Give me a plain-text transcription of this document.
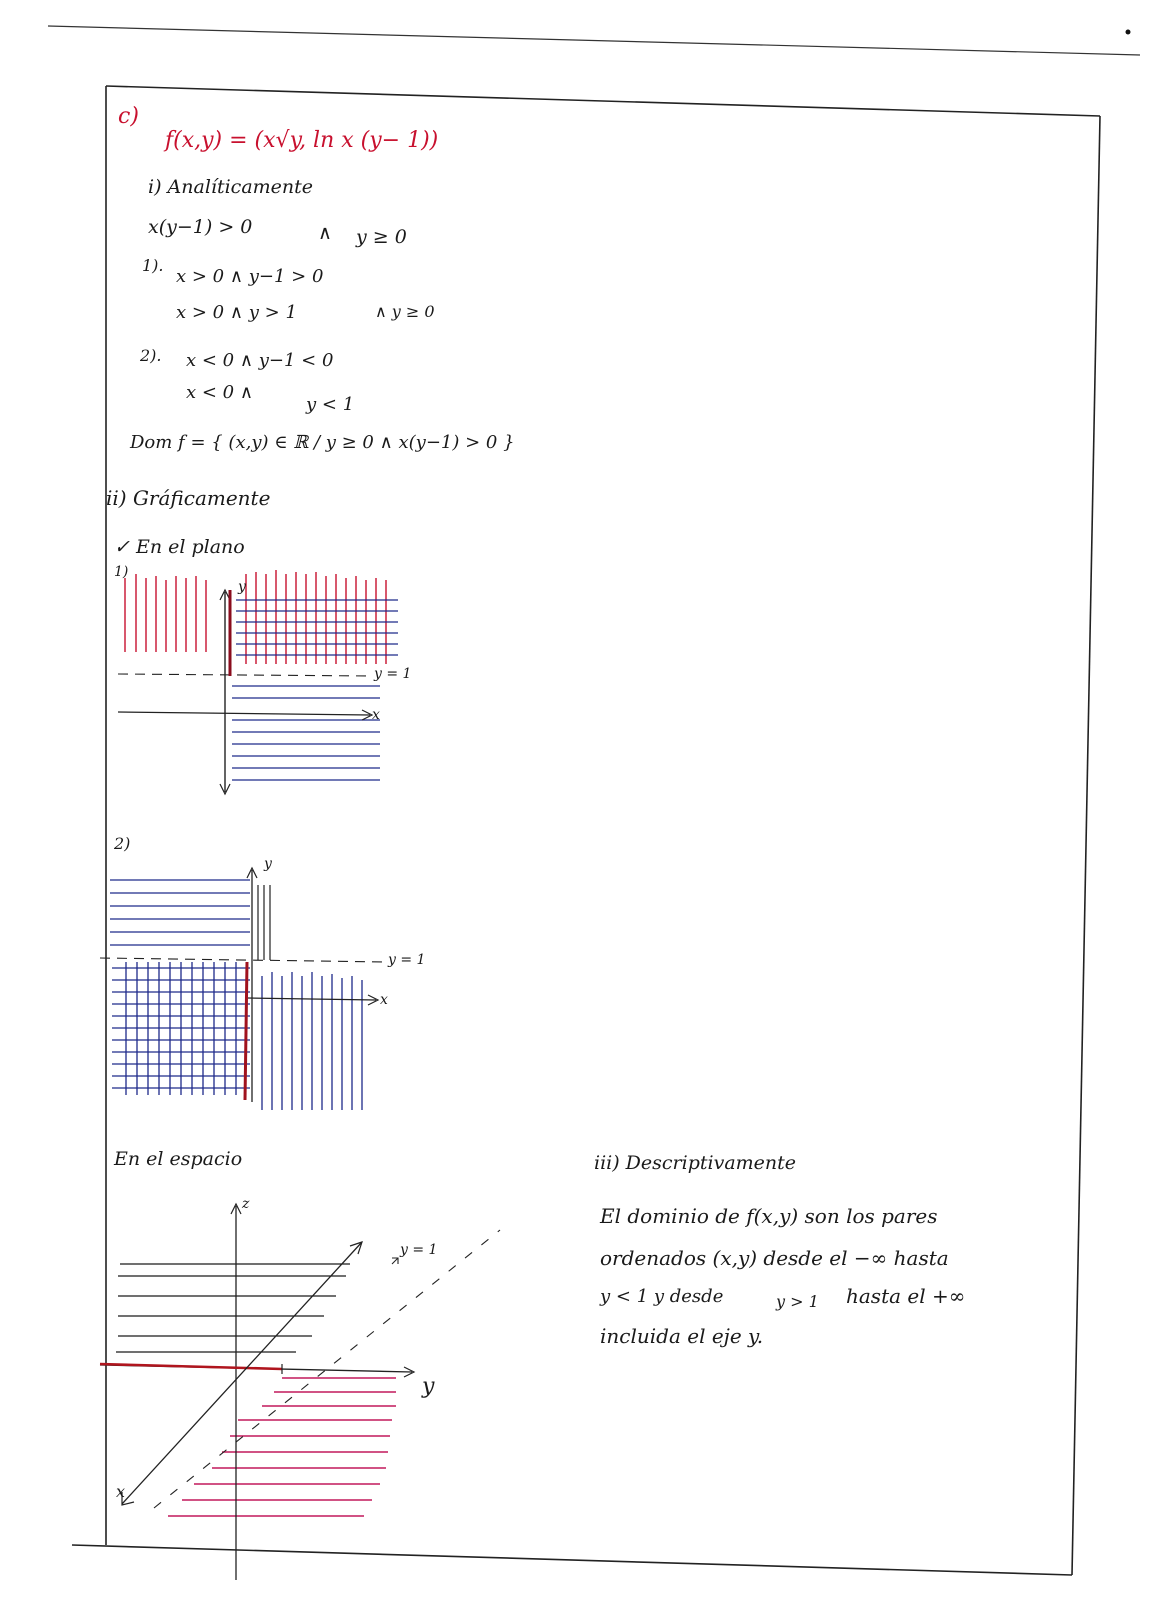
c)
f(x,y) = (x√y, ln x (y− 1))
i) Analíticamente
x(y−1) > 0	∧ y ≥ 0
1).
x > 0 ∧ y−1 > 0
x > 0 ∧ y > 1	∧ y ≥ 0
2). x < 0 ∧ y−1 < 0
x < 0 ∧
y < 1
Dom f = { (x,y) ∈ ℝ / y ≥ 0 ∧ x(y−1) > 0 }
ii) Gráficamente
✓ En el plano
1)
y
x
y = 1
2)
y
x
y = 1
En el espacio
z
y
x
y = 1
iii) Descriptivamente
El dominio de f(x,y) son los pares
ordenados (x,y) desde el −∞ hasta
y < 1 y desde	y > 1 hasta el +∞
incluida el eje y.
